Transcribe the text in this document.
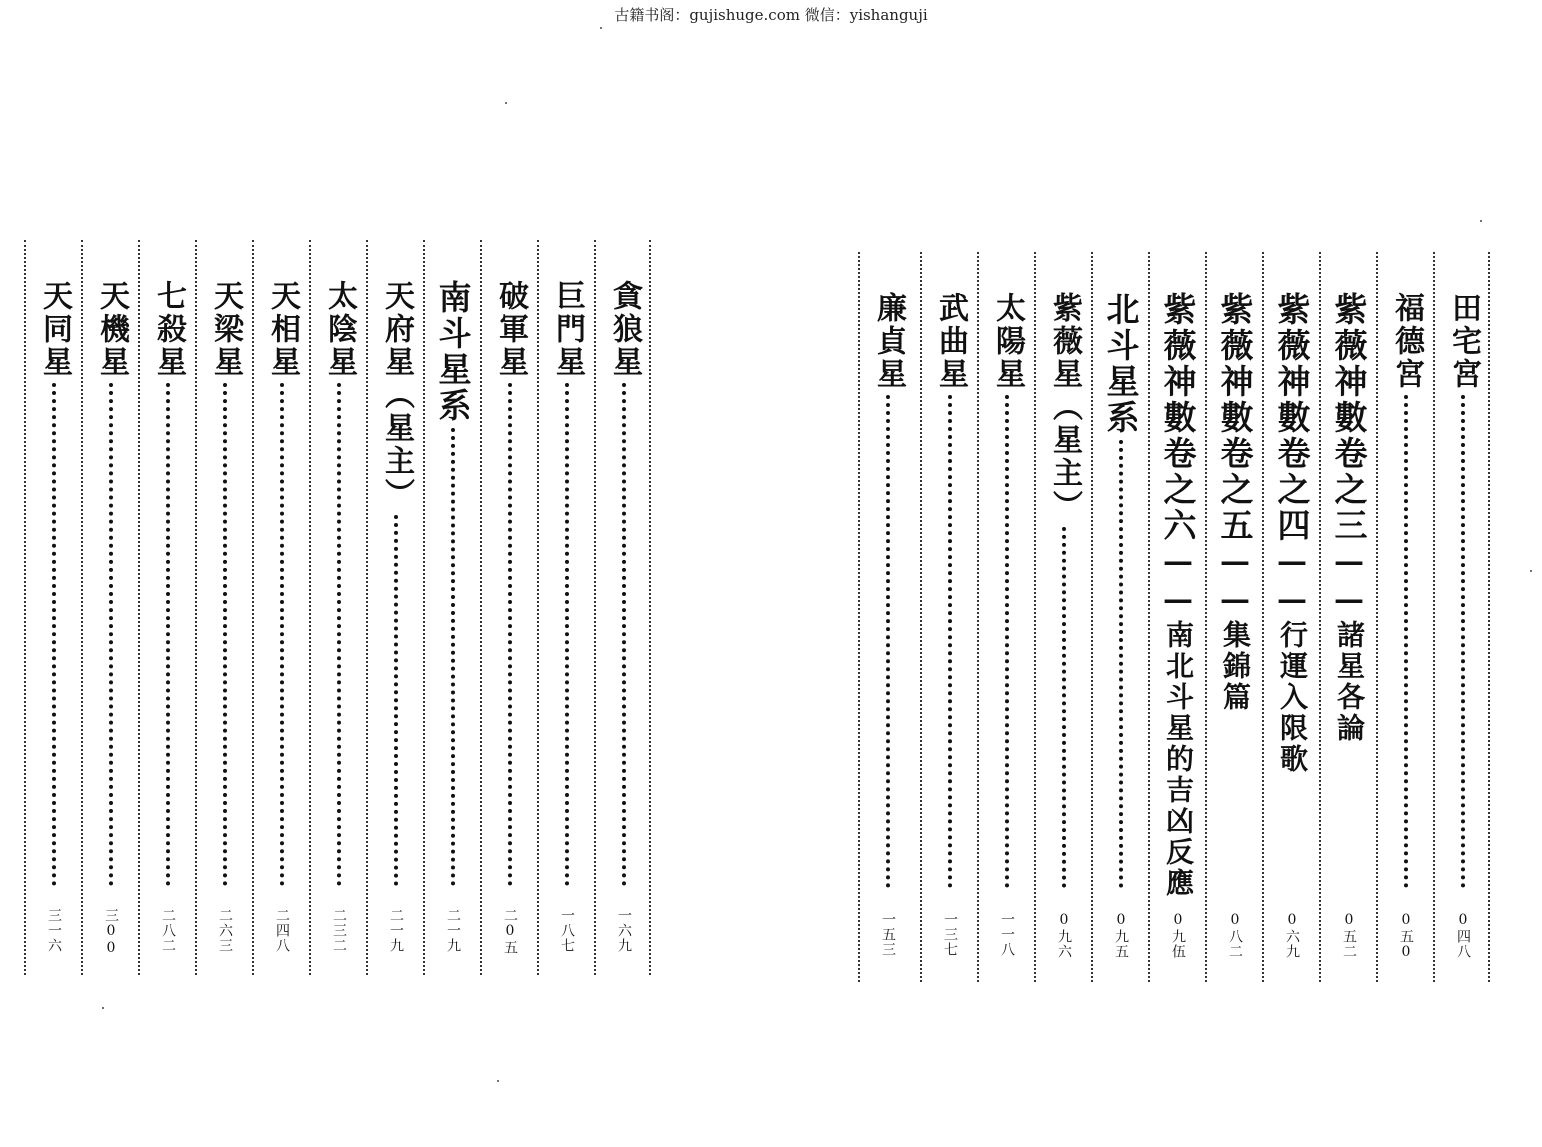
古籍书阁：gujishuge.com 微信：yishanguji
田宅宮
0四八
福德宮
0五0
紫薇神數卷之三
——
諸星各論
0五二
紫薇神數卷之四
——
行運入限歌
0六九
紫薇神數卷之五
——
集錦篇
0八二
紫薇神數卷之六
——
南北斗星的吉凶反應
0九伍
北斗星系
0九五
紫薇星（星主）
0九六
太陽星
一一八
武曲星
一三七
廉貞星
一五三
貪狼星
一六九
巨門星
一八七
破軍星
二0五
南斗星系
二一九
天府星（星主）
二一九
太陰星
二三二
天相星
二四八
天梁星
二六三
七殺星
二八二
天機星
三00
天同星
三一六
